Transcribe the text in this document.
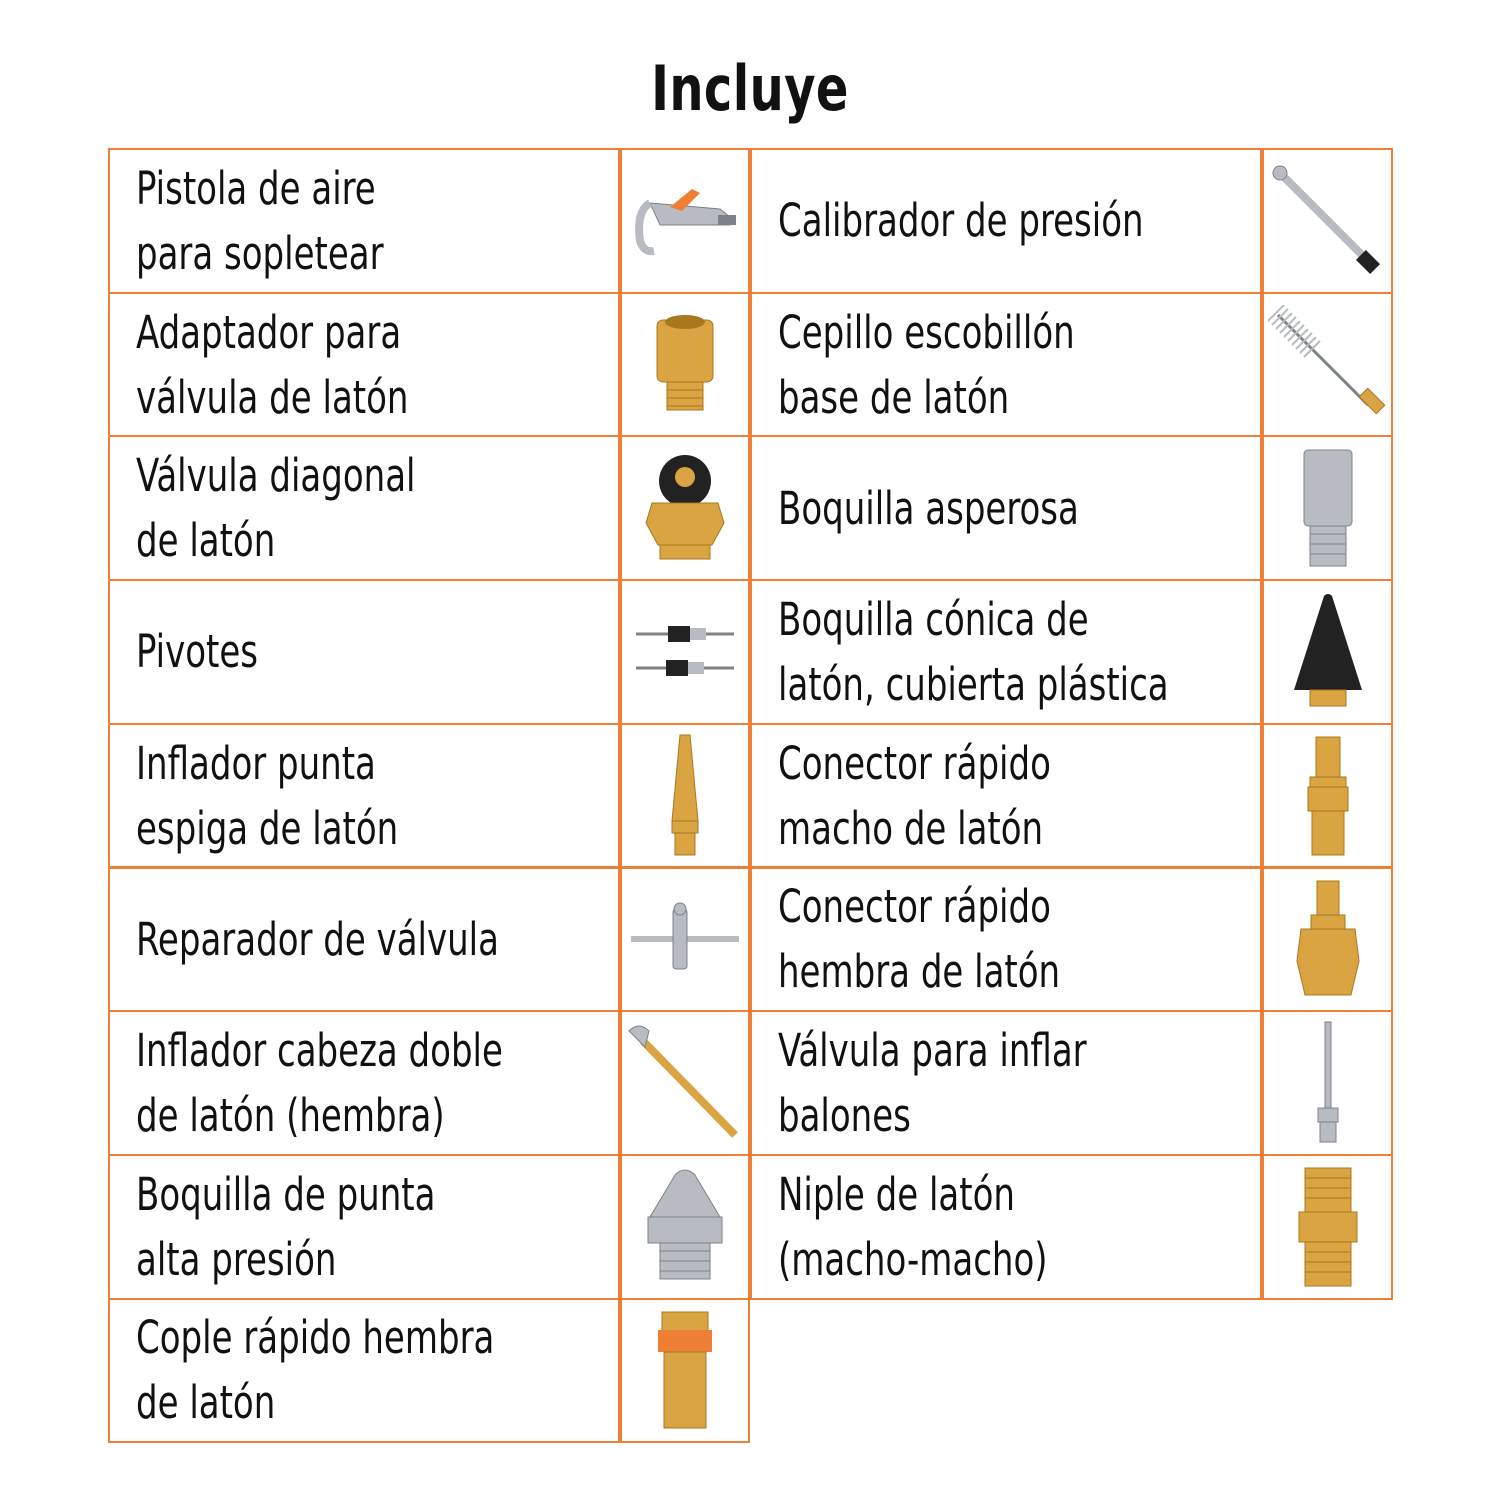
Incluye
Pistola de aire
para sopletear
Adaptador para
válvula de latón
Válvula diagonal
de latón
Pivotes
Inflador punta
espiga de latón
Reparador de válvula
Inflador cabeza doble
de latón (hembra)
Boquilla de punta
alta presión
Cople rápido hembra
de latón
Calibrador de presión
Cepillo escobillón
base de latón
Boquilla asperosa
Boquilla cónica de
latón, cubierta plástica
Conector rápido
macho de latón
Conector rápido
hembra de latón
Válvula para inflar
balones
Niple de latón
(macho-macho)
